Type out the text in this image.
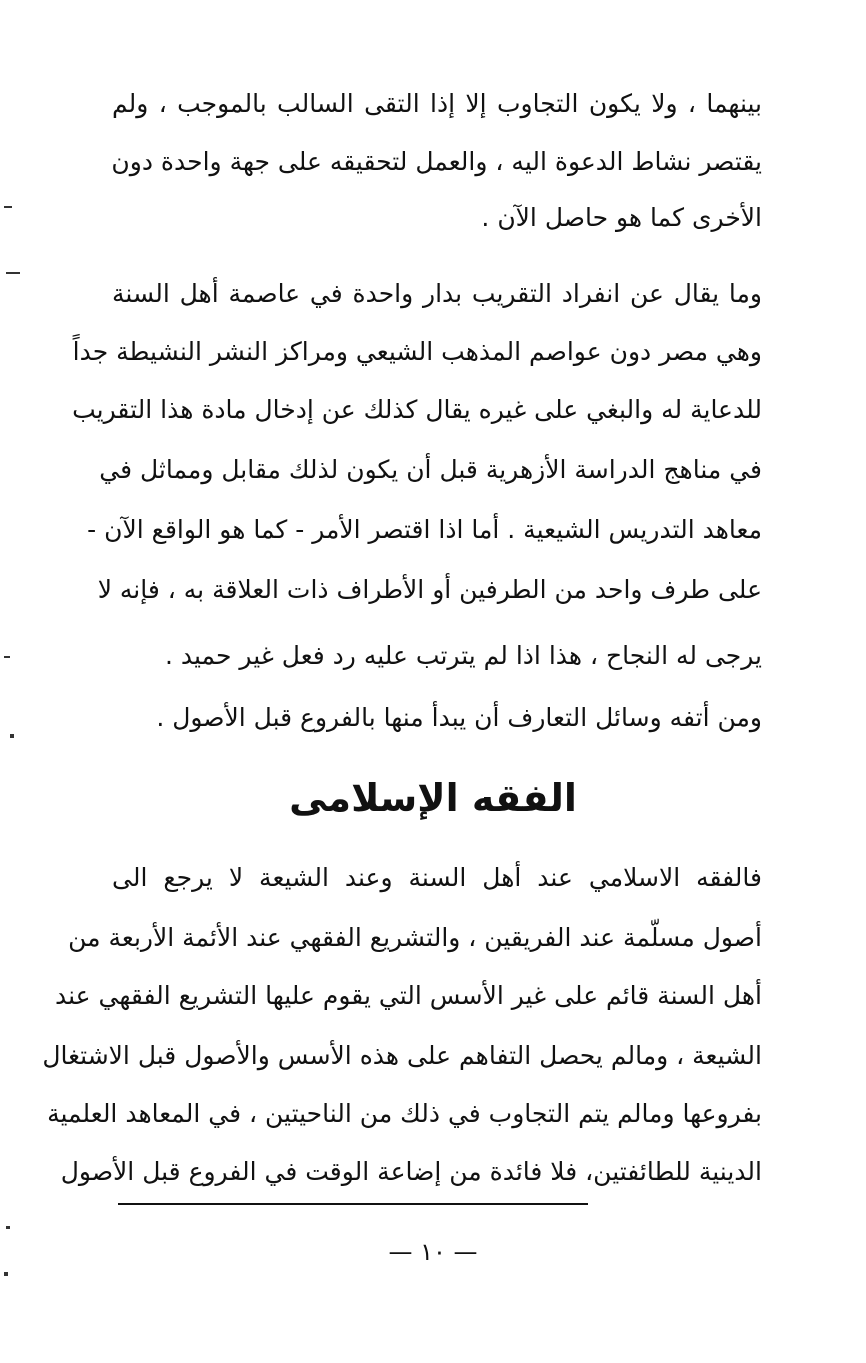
بينهما ، ولا يكون التجاوب إلا إذا التقى السالب بالموجب ، ولم
يقتصر نشاط الدعوة اليه ، والعمل لتحقيقه على جهة واحدة دون
الأخرى كما هو حاصل الآن .
وما يقال عن انفراد التقريب بدار واحدة في عاصمة أهل السنة
وهي مصر دون عواصم المذهب الشيعي ومراكز النشر النشيطة جداً
للدعاية له والبغي على غيره يقال كذلك عن إدخال مادة هذا التقريب
في مناهج الدراسة الأزهرية قبل أن يكون لذلك مقابل ومماثل في
معاهد التدريس الشيعية . أما اذا اقتصر الأمر - كما هو الواقع الآن -
على طرف واحد من الطرفين أو الأطراف ذات العلاقة به ، فإنه لا
يرجى له النجاح ، هذا اذا لم يترتب عليه رد فعل غير حميد .
ومن أتفه وسائل التعارف أن يبدأ منها بالفروع قبل الأصول .
الفقه الإسلامى
فالفقه الاسلامي عند أهل السنة وعند الشيعة لا يرجع الى
أصول مسلّمة عند الفريقين ، والتشريع الفقهي عند الأئمة الأربعة من
أهل السنة قائم على غير الأسس التي يقوم عليها التشريع الفقهي عند
الشيعة ، ومالم يحصل التفاهم على هذه الأسس والأصول قبل الاشتغال
بفروعها ومالم يتم التجاوب في ذلك من الناحيتين ، في المعاهد العلمية
الدينية للطائفتين، فلا فائدة من إضاعة الوقت في الفروع قبل الأصول
— ١٠ —
